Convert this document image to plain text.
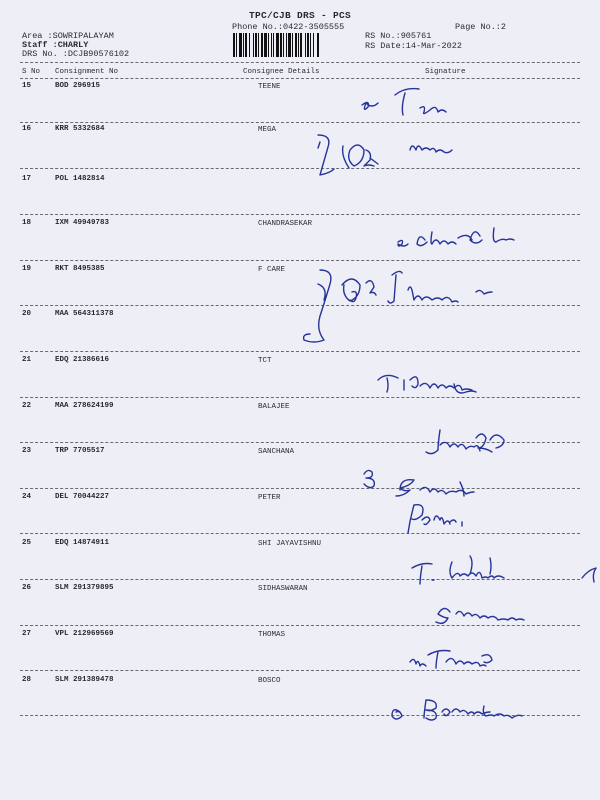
TPC/CJB DRS - PCS
Phone No.:0422-3505555	Page No.:2
Area :SOWRIPALAYAM
Staff :CHARLY
DRS No. :DCJB90576102
RS No.:905761
RS Date:14-Mar-2022
S No Consignment No	Consignee Details	Signature
15	BOD 296915	TEENE
16	KRR 5332684	MEGA
17	POL 1482814
18	IXM 49949783	CHANDRASEKAR
19	RKT 8495385	F CARE
20	MAA 564311378
21	EDQ 21386616	TCT
22	MAA 278624199	BALAJEE
23	TRP 7705517	SANCHANA
24	DEL 70044227	PETER
25	EDQ 14874911	SHI JAYAVISHNU
26	SLM 291379895	SIDHASWARAN
27	VPL 212969569	THOMAS
28	SLM 291389478	BOSCO
